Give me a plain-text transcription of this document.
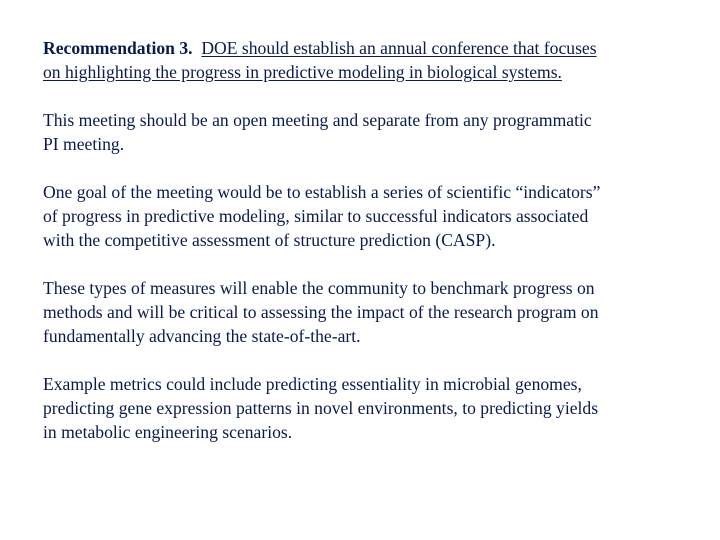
Recommendation 3. DOE should establish an annual conference that focuses
on highlighting the progress in predictive modeling in biological systems.

This meeting should be an open meeting and separate from any programmatic
PI meeting.

One goal of the meeting would be to establish a series of scientific “indicators”
of progress in predictive modeling, similar to successful indicators associated
with the competitive assessment of structure prediction (CASP).

These types of measures will enable the community to benchmark progress on
methods and will be critical to assessing the impact of the research program on
fundamentally advancing the state-of-the-art.

Example metrics could include predicting essentiality in microbial genomes,
predicting gene expression patterns in novel environments, to predicting yields
in metabolic engineering scenarios.
